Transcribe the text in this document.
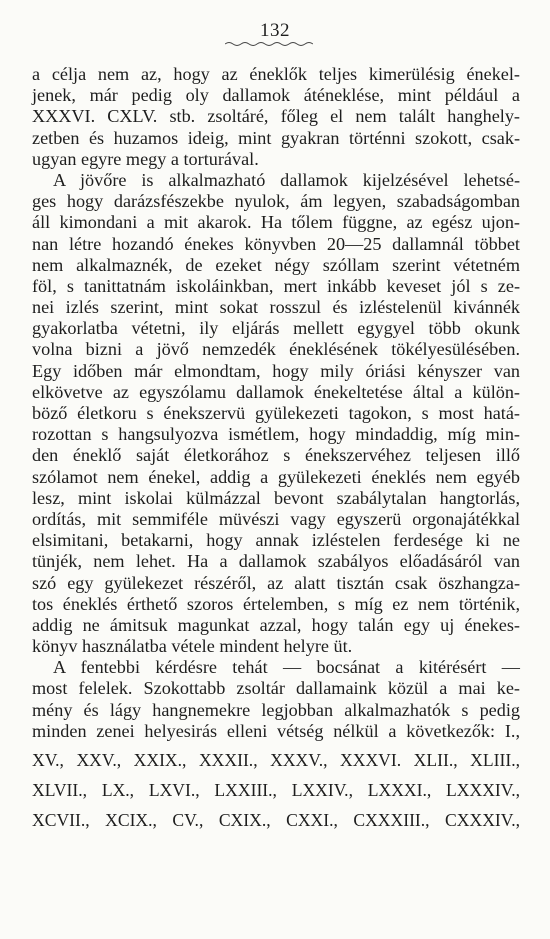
132
a célja nem az, hogy az éneklők teljes kimerülésig énekel-
jenek, már pedig oly dallamok áténeklése, mint például a
XXXVI. CXLV. stb. zsoltáré, főleg el nem talált hanghely-
zetben és huzamos ideig, mint gyakran történni szokott, csak-
ugyan egyre megy a torturával.
A jövőre is alkalmazható dallamok kijelzésével lehetsé-
ges hogy darázsfészekbe nyulok, ám legyen, szabadságomban
áll kimondani a mit akarok. Ha tőlem függne, az egész ujon-
nan létre hozandó énekes könyvben 20—25 dallamnál többet
nem alkalmaznék, de ezeket négy szóllam szerint vétetném
föl, s tanittatnám iskoláinkban, mert inkább keveset jól s ze-
nei izlés szerint, mint sokat rosszul és izléstelenül kivánnék
gyakorlatba vétetni, ily eljárás mellett egygyel több okunk
volna bizni a jövő nemzedék éneklésének tökélyesülésében.
Egy időben már elmondtam, hogy mily óriási kényszer van
elkövetve az egyszólamu dallamok énekeltetése által a külön-
böző életkoru s énekszervü gyülekezeti tagokon, s most hatá-
rozottan s hangsulyozva ismétlem, hogy mindaddig, míg min-
den éneklő saját életkorához s énekszervéhez teljesen illő
szólamot nem énekel, addig a gyülekezeti éneklés nem egyéb
lesz, mint iskolai külmázzal bevont szabálytalan hangtorlás,
ordítás, mit semmiféle müvészi vagy egyszerü orgonajátékkal
elsimitani, betakarni, hogy annak izléstelen ferdesége ki ne
tünjék, nem lehet. Ha a dallamok szabályos előadásáról van
szó egy gyülekezet részéről, az alatt tisztán csak öszhangza-
tos éneklés érthető szoros értelemben, s míg ez nem történik,
addig ne ámitsuk magunkat azzal, hogy talán egy uj énekes-
könyv használatba vétele mindent helyre üt.
A fentebbi kérdésre tehát — bocsánat a kitérésért —
most felelek. Szokottabb zsoltár dallamaink közül a mai ke-
mény és lágy hangnemekre legjobban alkalmazhatók s pedig
minden zenei helyesirás elleni vétség nélkül a következők: I.,
XV., XXV., XXIX., XXXII., XXXV., XXXVI. XLII., XLIII.,
XLVII., LX., LXVI., LXXIII., LXXIV., LXXXI., LXXXIV.,
XCVII., XCIX., CV., CXIX., CXXI., CXXXIII., CXXXIV.,
